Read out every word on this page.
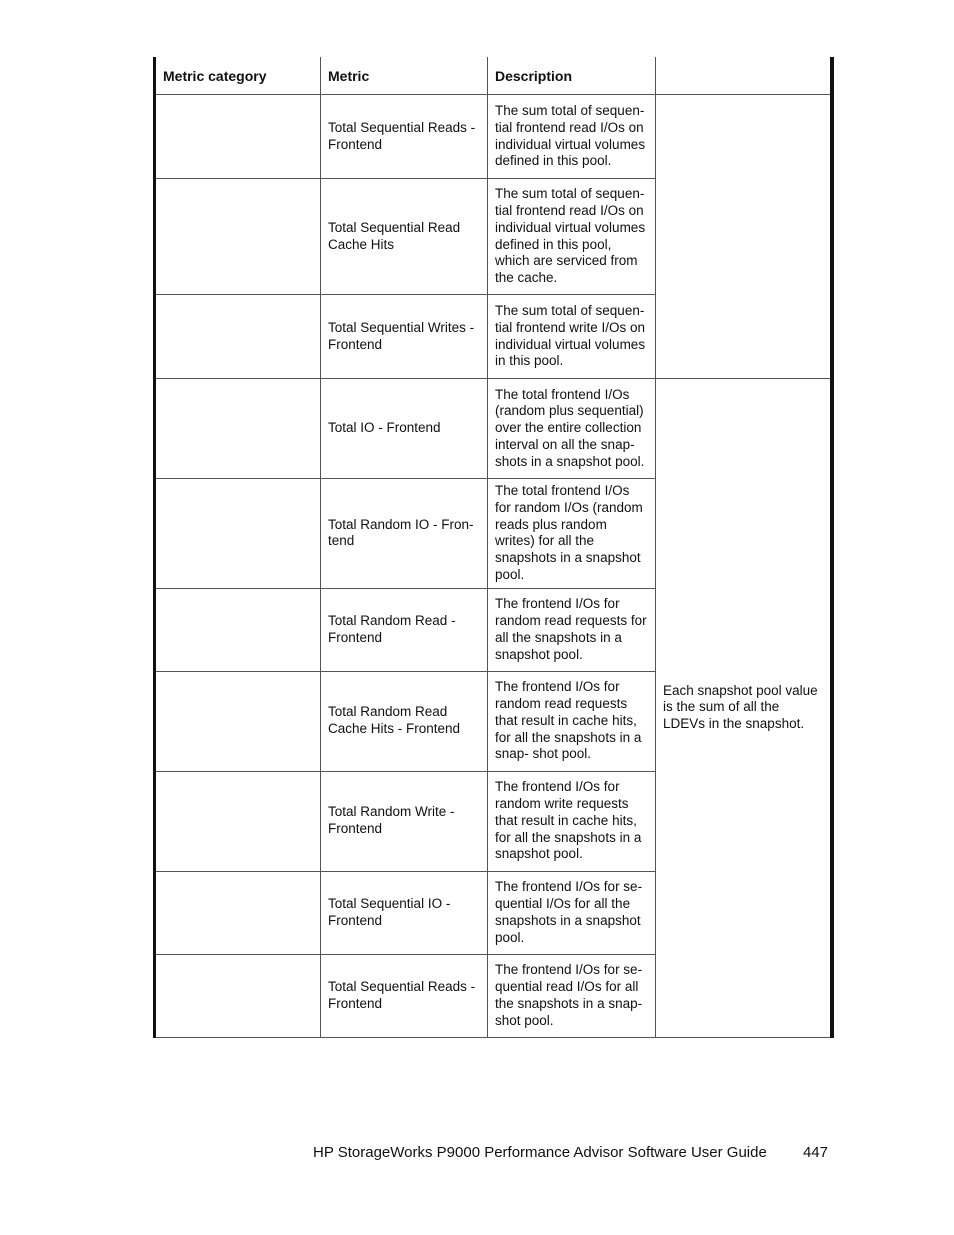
Metric category	Metric	Description	
	Total Sequential Reads - Frontend	The sum total of sequen- tial frontend read I/Os on individual virtual volumes defined in this pool.	
	Total Sequential Read Cache Hits	The sum total of sequen- tial frontend read I/Os on individual virtual volumes defined in this pool, which are serviced from the cache.	
	Total Sequential Writes - Frontend	The sum total of sequen- tial frontend write I/Os on individual virtual volumes in this pool.	
	Total IO - Frontend	The total frontend I/Os (random plus sequential) over the entire collection interval on all the snap- shots in a snapshot pool.	Each snapshot pool value is the sum of all the LDEVs in the snapshot.
	Total Random IO - Fron- tend	The total frontend I/Os for random I/Os (random reads plus random writes) for all the snapshots in a snapshot pool.	
	Total Random Read - Frontend	The frontend I/Os for random read requests for all the snapshots in a snapshot pool.	
	Total Random Read Cache Hits - Frontend	The frontend I/Os for random read requests that result in cache hits, for all the snapshots in a snap- shot pool.	
	Total Random Write - Frontend	The frontend I/Os for random write requests that result in cache hits, for all the snapshots in a snapshot pool.	
	Total Sequential IO - Frontend	The frontend I/Os for se- quential I/Os for all the snapshots in a snapshot pool.	
	Total Sequential Reads - Frontend	The frontend I/Os for se- quential read I/Os for all the snapshots in a snap- shot pool.	
HP StorageWorks P9000 Performance Advisor Software User Guide 447
